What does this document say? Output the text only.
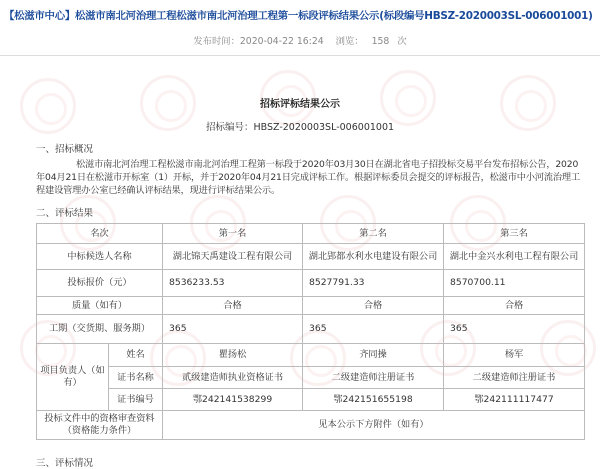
【松滋市中心】松滋市南北河治理工程松滋市南北河治理工程第一标段评标结果公示(标段编号HBSZ-2020003SL-006001001)
发布时间：2020-04-22 16:24 浏览： 158 次
招标评标结果公示
招标编号：HBSZ-2020003SL-006001001
一、招标概况
松滋市南北河治理工程松滋市南北河治理工程第一标段于2020年03月30日在湖北省电子招投标交易平台发布招标公告，2020年04月21日在松滋市开标室（1）开标，并于2020年04月21日完成评标工作。根据评标委员会提交的评标报告，松滋市中小河流治理工程建设管理办公室已经确认评标结果，现进行评标结果公示。
二、评标结果
名次		第一名	第二名	第三名
中标候选人名称		湖北锦天禹建设工程有限公司	湖北郢都水利水电建设有限公司	湖北中金兴水利电工程有限公司
投标报价（元）		8536233.53	8527791.33	8570700.11
质量（如有）		合格	合格	合格
工期（交货期、服务期）		365	365	365
项目负责人（如有）	姓名	瞿扬松	齐同操	杨军
	证书名称	贰级建造师执业资格证书	二级建造师注册证书	二级建造师注册证书
	证书编号	鄂242141538299	鄂242151655198	鄂242111117477
投标文件中的资格审查资料（资格能力条件）		见本公示下方附件（如有）		
三、评标情况
